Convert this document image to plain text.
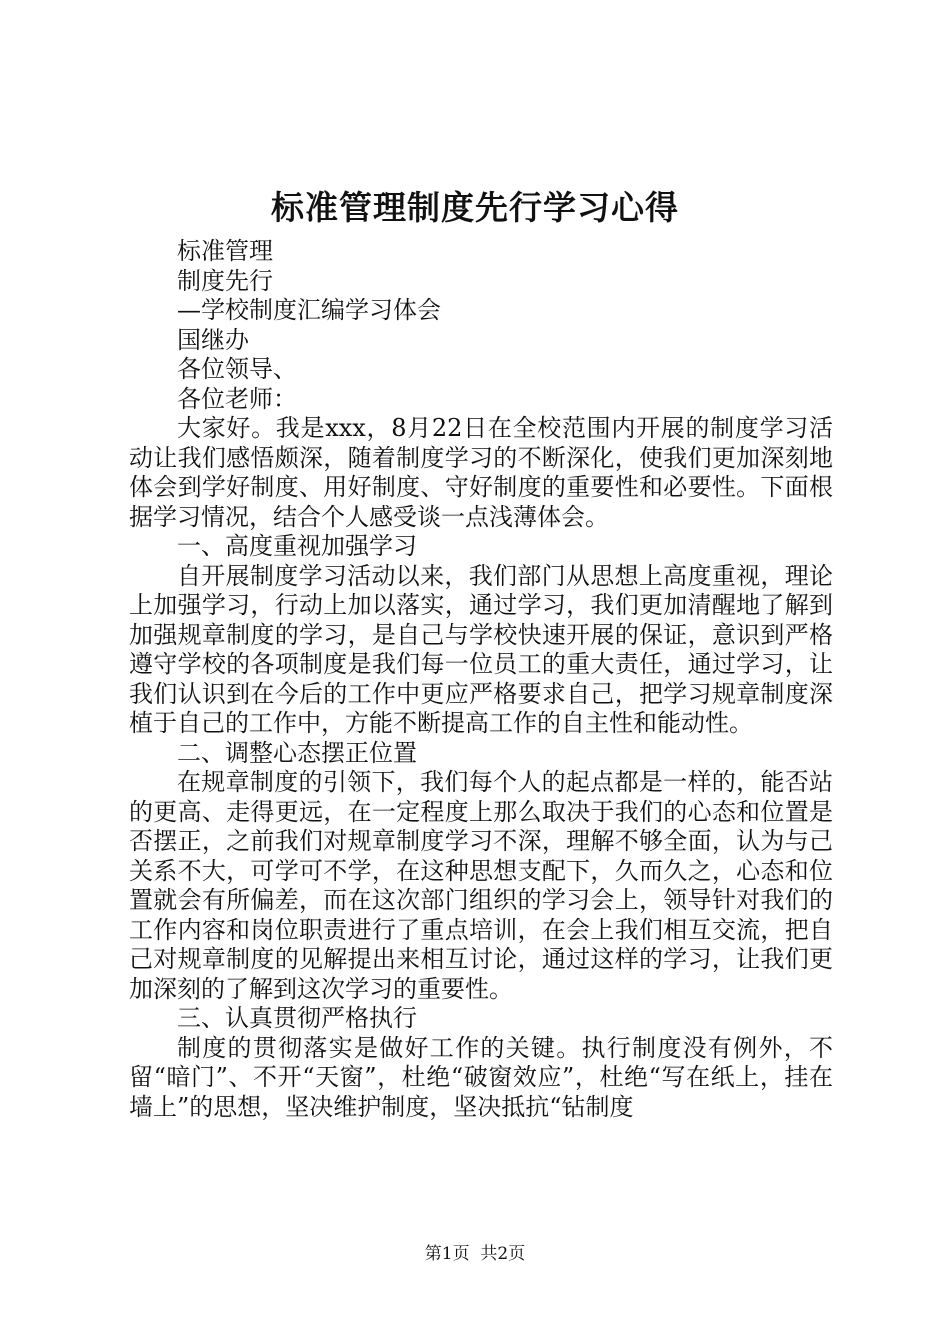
标准管理制度先行学习心得

标准管理

制度先行

—学校制度汇编学习体会

国继办

各位领导、

各位老师：

大家好。我是xxx，8月22日在全校范围内开展的制度学习活动让我们感悟颇深，随着制度学习的不断深化，使我们更加深刻地体会到学好制度、用好制度、守好制度的重要性和必要性。下面根据学习情况，结合个人感受谈一点浅薄体会。

一、高度重视加强学习

自开展制度学习活动以来，我们部门从思想上高度重视，理论上加强学习，行动上加以落实，通过学习，我们更加清醒地了解到加强规章制度的学习，是自己与学校快速开展的保证，意识到严格遵守学校的各项制度是我们每一位员工的重大责任，通过学习，让我们认识到在今后的工作中更应严格要求自己，把学习规章制度深植于自己的工作中，方能不断提高工作的自主性和能动性。

二、调整心态摆正位置

在规章制度的引领下，我们每个人的起点都是一样的，能否站的更高、走得更远，在一定程度上那么取决于我们的心态和位置是否摆正，之前我们对规章制度学习不深，理解不够全面，认为与己关系不大，可学可不学，在这种思想支配下，久而久之，心态和位置就会有所偏差，而在这次部门组织的学习会上，领导针对我们的工作内容和岗位职责进行了重点培训，在会上我们相互交流，把自己对规章制度的见解提出来相互讨论，通过这样的学习，让我们更加深刻的了解到这次学习的重要性。

三、认真贯彻严格执行

制度的贯彻落实是做好工作的关键。执行制度没有例外，不留“暗门”、不开“天窗”，杜绝“破窗效应”，杜绝“写在纸上，挂在墙上”的思想，坚决维护制度，坚决抵抗“钻制度

第1页 共2页
